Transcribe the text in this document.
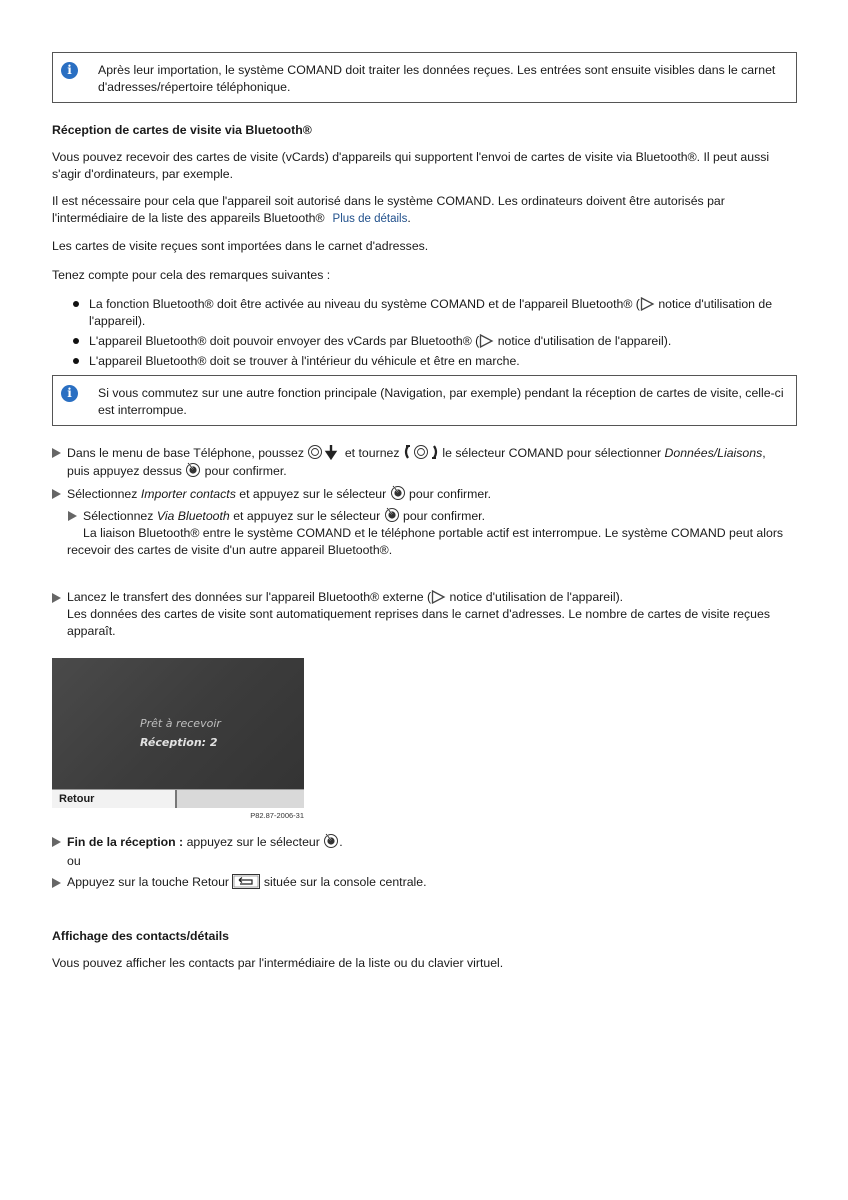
i	Après leur importation, le système COMAND doit traiter les données reçues. Les entrées sont ensuite visibles dans le carnet d'adresses/répertoire téléphonique.
Réception de cartes de visite via Bluetooth®

Vous pouvez recevoir des cartes de visite (vCards) d'appareils qui supportent l'envoi de cartes de visite via Bluetooth®. Il peut aussi s'agir d'ordinateurs, par exemple.

Il est nécessaire pour cela que l'appareil soit autorisé dans le système COMAND. Les ordinateurs doivent être autorisés par l'intermédiaire de la liste des appareils Bluetooth® Plus de détails.

Les cartes de visite reçues sont importées dans le carnet d'adresses.

Tenez compte pour cela des remarques suivantes :

La fonction Bluetooth® doit être activée au niveau du système COMAND et de l'appareil Bluetooth® ( notice d'utilisation de l'appareil).
L'appareil Bluetooth® doit pouvoir envoyer des vCards par Bluetooth® ( notice d'utilisation de l'appareil).
L'appareil Bluetooth® doit se trouver à l'intérieur du véhicule et être en marche.
i	Si vous commutez sur une autre fonction principale (Navigation, par exemple) pendant la réception de cartes de visite, celle-ci est interrompue.
Dans le menu de base Téléphone, poussez	et tournez	le sélecteur COMAND pour sélectionner Données/Liaisons,
puis appuyez dessus  pour confirmer.
Sélectionnez Importer contacts et appuyez sur le sélecteur  pour confirmer.
Sélectionnez Via Bluetooth et appuyez sur le sélecteur  pour confirmer.

La liaison Bluetooth® entre le système COMAND et le téléphone portable actif est interrompue. Le système COMAND peut alors recevoir des cartes de visite d'un autre appareil Bluetooth®.

Lancez le transfert des données sur l'appareil Bluetooth® externe ( notice d'utilisation de l'appareil).

Les données des cartes de visite sont automatiquement reprises dans le carnet d'adresses. Le nombre de cartes de visite reçues apparaît.

Prêt à recevoir
Réception: 2
Retour
P82.87-2006-31
Fin de la réception : appuyez sur le sélecteur .

ou

Appuyez sur la touche Retour  située sur la console centrale.
Affichage des contacts/détails

Vous pouvez afficher les contacts par l'intermédiaire de la liste ou du clavier virtuel.
